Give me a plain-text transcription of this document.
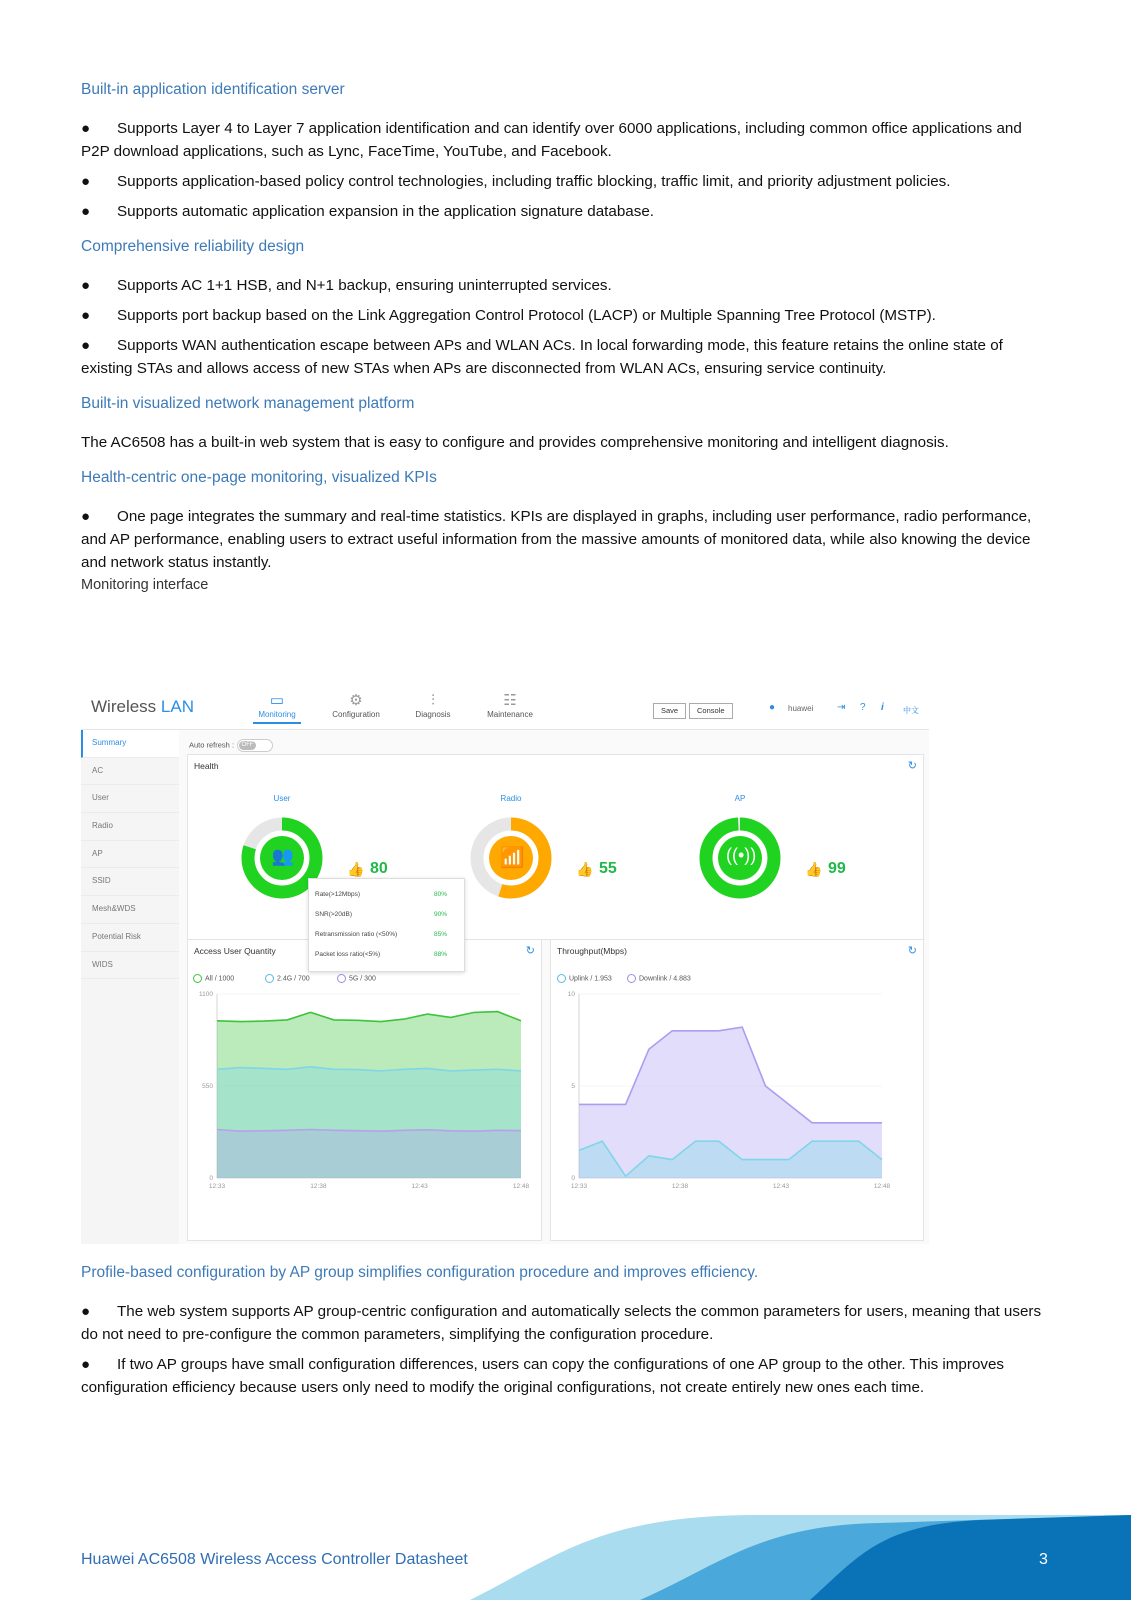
Built-in application identification server

● Supports Layer 4 to Layer 7 application identification and can identify over 6000 applications, including common office applications and P2P download applications, such as Lync, FaceTime, YouTube, and Facebook.

● Supports application-based policy control technologies, including traffic blocking, traffic limit, and priority adjustment policies.

● Supports automatic application expansion in the application signature database.

Comprehensive reliability design

● Supports AC 1+1 HSB, and N+1 backup, ensuring uninterrupted services.

● Supports port backup based on the Link Aggregation Control Protocol (LACP) or Multiple Spanning Tree Protocol (MSTP).

● Supports WAN authentication escape between APs and WLAN ACs. In local forwarding mode, this feature retains the online state of existing STAs and allows access of new STAs when APs are disconnected from WLAN ACs, ensuring service continuity.

Built-in visualized network management platform

The AC6508 has a built-in web system that is easy to configure and provides comprehensive monitoring and intelligent diagnosis.

Health-centric one-page monitoring, visualized KPIs

● One page integrates the summary and real-time statistics. KPIs are displayed in graphs, including user performance, radio performance, and AP performance, enabling users to extract useful information from the massive amounts of monitored data, while also knowing the device and network status instantly.

Monitoring interface

Wireless LAN	▭
Monitoring
⚙
Configuration
⫶
Diagnosis
☷
Maintenance	Save	Console	● huawei ⇥ ? i 中文
Summary
AC
User
Radio
AP
SSID
Mesh&WDS
Potential Risk
WIDS
Auto refresh :	OFF
Health	↻
User	Radio	AP
👥	📶	((•))
👍 80	👍 55	👍 99
Access User Quantity	↻
All / 1000	2.4G / 700	5G / 300
Throughput(Mbps)	↻
Uplink / 1.953	Downlink / 4.883
0
550
1100
12:33	12:38	12:43	12:48
0
5
10
12:33	12:38	12:43	12:48
80%
Rate(>12Mbps)
90%
SNR(>20dB)
85%
Retransmission ratio (<50%)
88%
Packet loss ratio(<5%)

Profile-based configuration by AP group simplifies configuration procedure and improves efficiency.

● The web system supports AP group-centric configuration and automatically selects the common parameters for users, meaning that users do not need to pre-configure the common parameters, simplifying the configuration procedure.

● If two AP groups have small configuration differences, users can copy the configurations of one AP group to the other. This improves configuration efficiency because users only need to modify the original configurations, not create entirely new ones each time.

Huawei AC6508 Wireless Access Controller Datasheet	3
